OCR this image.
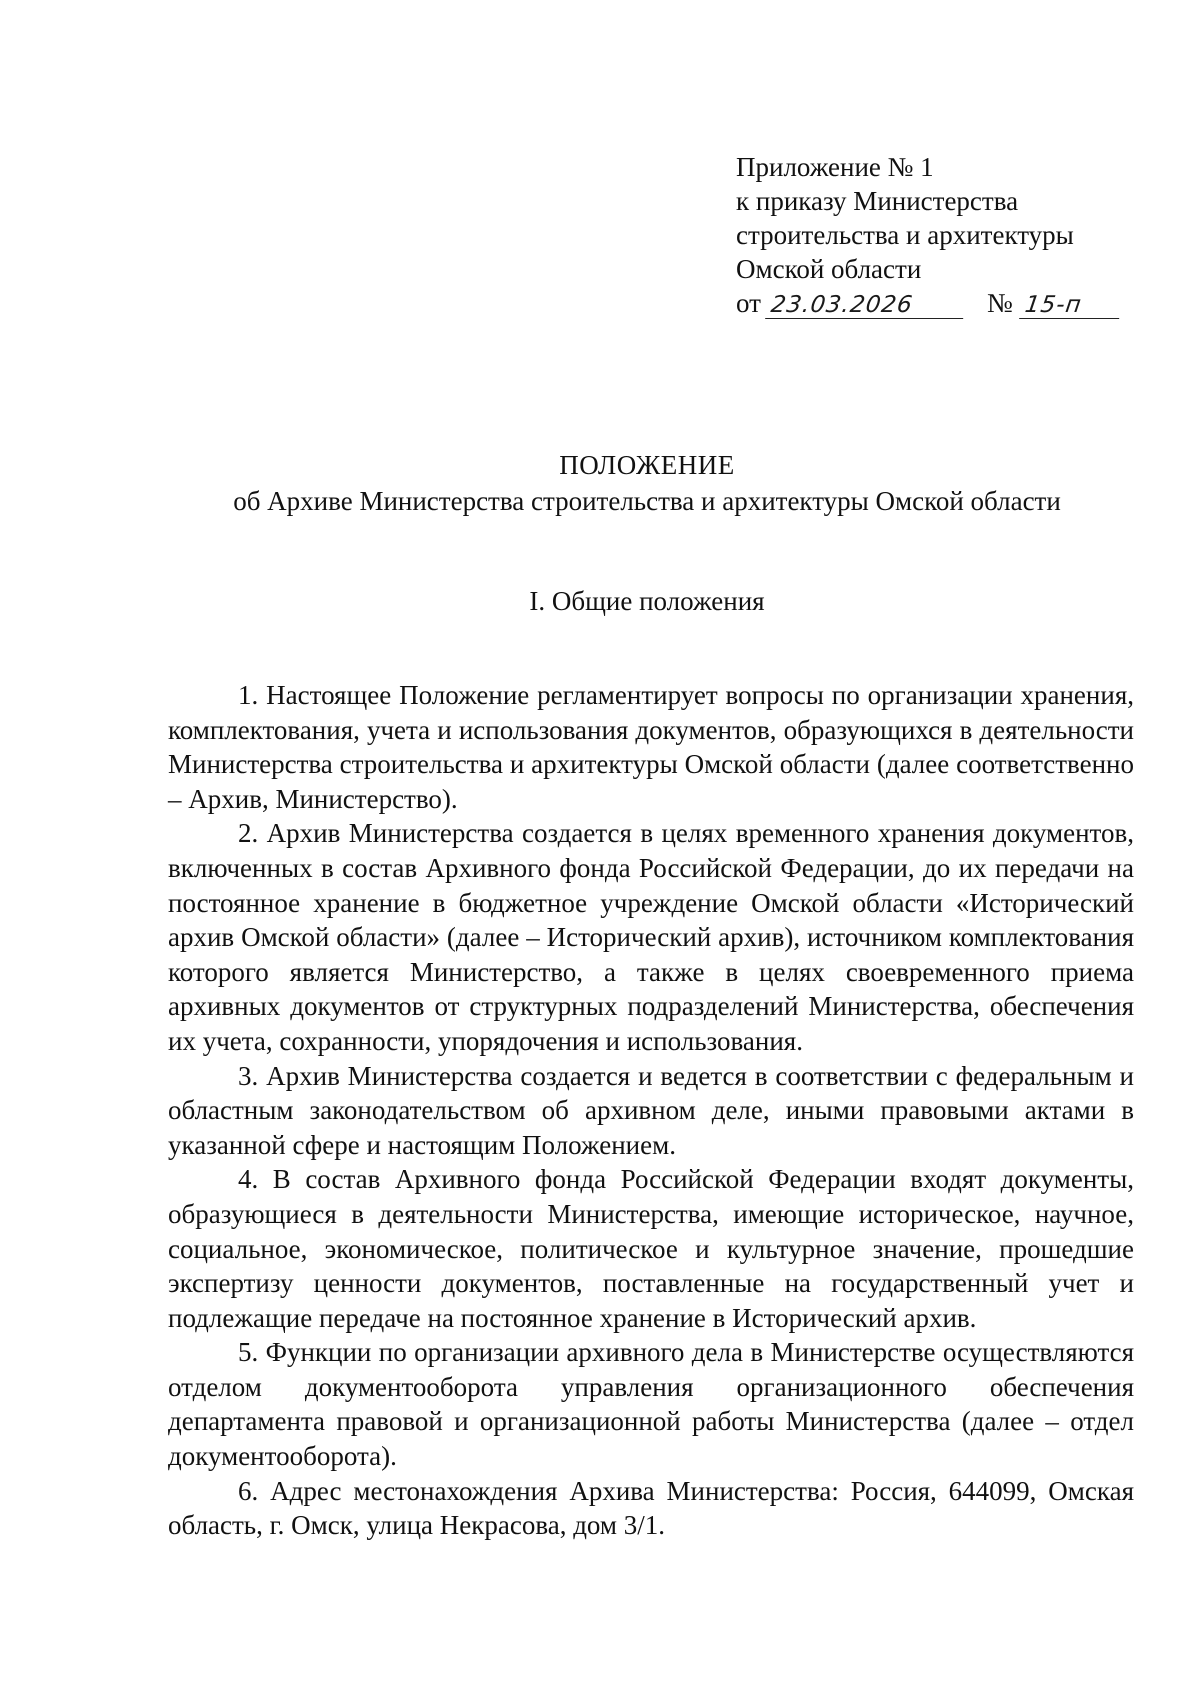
Приложение № 1
к приказу Министерства
строительства и архитектуры
Омской области
от 23.03.2026	№ 15-п
ПОЛОЖЕНИЕ
об Архиве Министерства строительства и архитектуры Омской области
I. Общие положения

1. Настоящее Положение регламентирует вопросы по организации хранения, комплектования, учета и использования документов, образующихся в деятельности Министерства строительства и архитектуры Омской области (далее соответственно – Архив, Министерство).

2. Архив Министерства создается в целях временного хранения документов, включенных в состав Архивного фонда Российской Федерации, до их передачи на постоянное хранение в бюджетное учреждение Омской области «Исторический архив Омской области» (далее – Исторический архив), источником комплектования которого является Министерство, а также в целях своевременного приема архивных документов от структурных подразделений Министерства, обеспечения их учета, сохранности, упорядочения и использования.

3. Архив Министерства создается и ведется в соответствии с федеральным и областным законодательством об архивном деле, иными правовыми актами в указанной сфере и настоящим Положением.

4. В состав Архивного фонда Российской Федерации входят документы, образующиеся в деятельности Министерства, имеющие историческое, научное, социальное, экономическое, политическое и культурное значение, прошедшие экспертизу ценности документов, поставленные на государственный учет и подлежащие передаче на постоянное хранение в Исторический архив.

5. Функции по организации архивного дела в Министерстве осуществляются отделом документооборота управления организационного обеспечения департамента правовой и организационной работы Министерства (далее – отдел документооборота).

6. Адрес местонахождения Архива Министерства: Россия, 644099, Омская область, г. Омск, улица Некрасова, дом 3/1.
